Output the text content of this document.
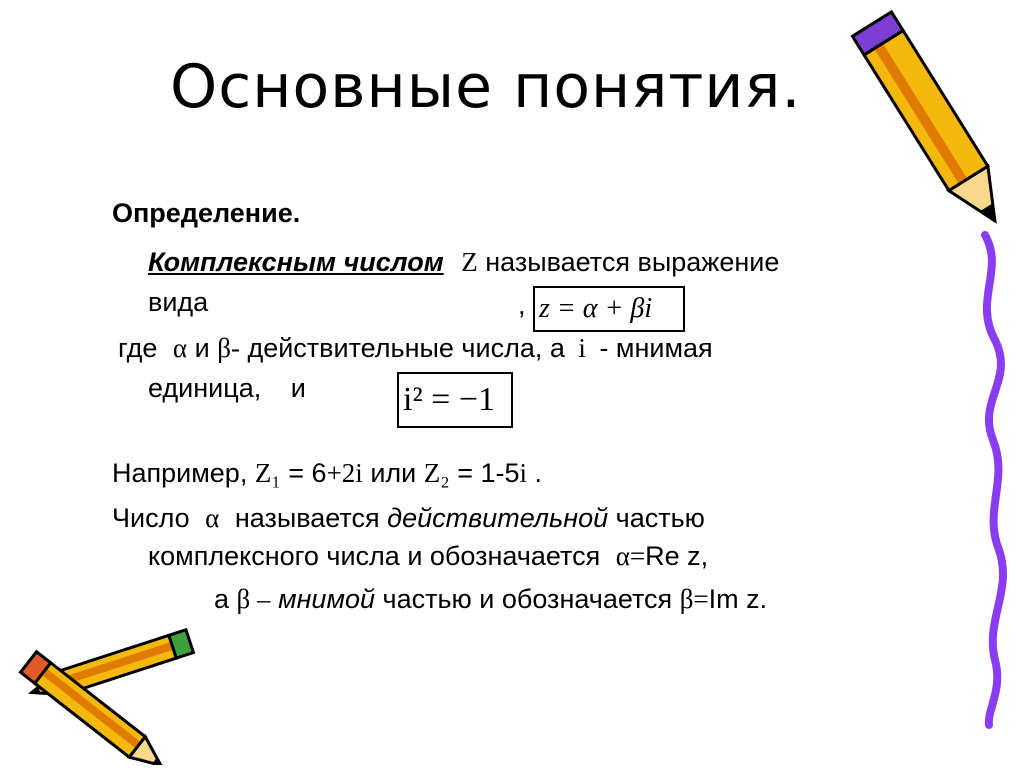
Основные понятия.
Определение.
Комплексным числом Z называется выражение
вида	, z = α + βi
где α и β- действительные числа, а i - мнимая
единица, и	i² = −1
Например, Z₁ = 6+2i или Z₂ = 1-5i .
Число α называется действительной частью
комплексного числа и обозначается α=Re z,
а β – мнимой частью и обозначается β=Im z.
